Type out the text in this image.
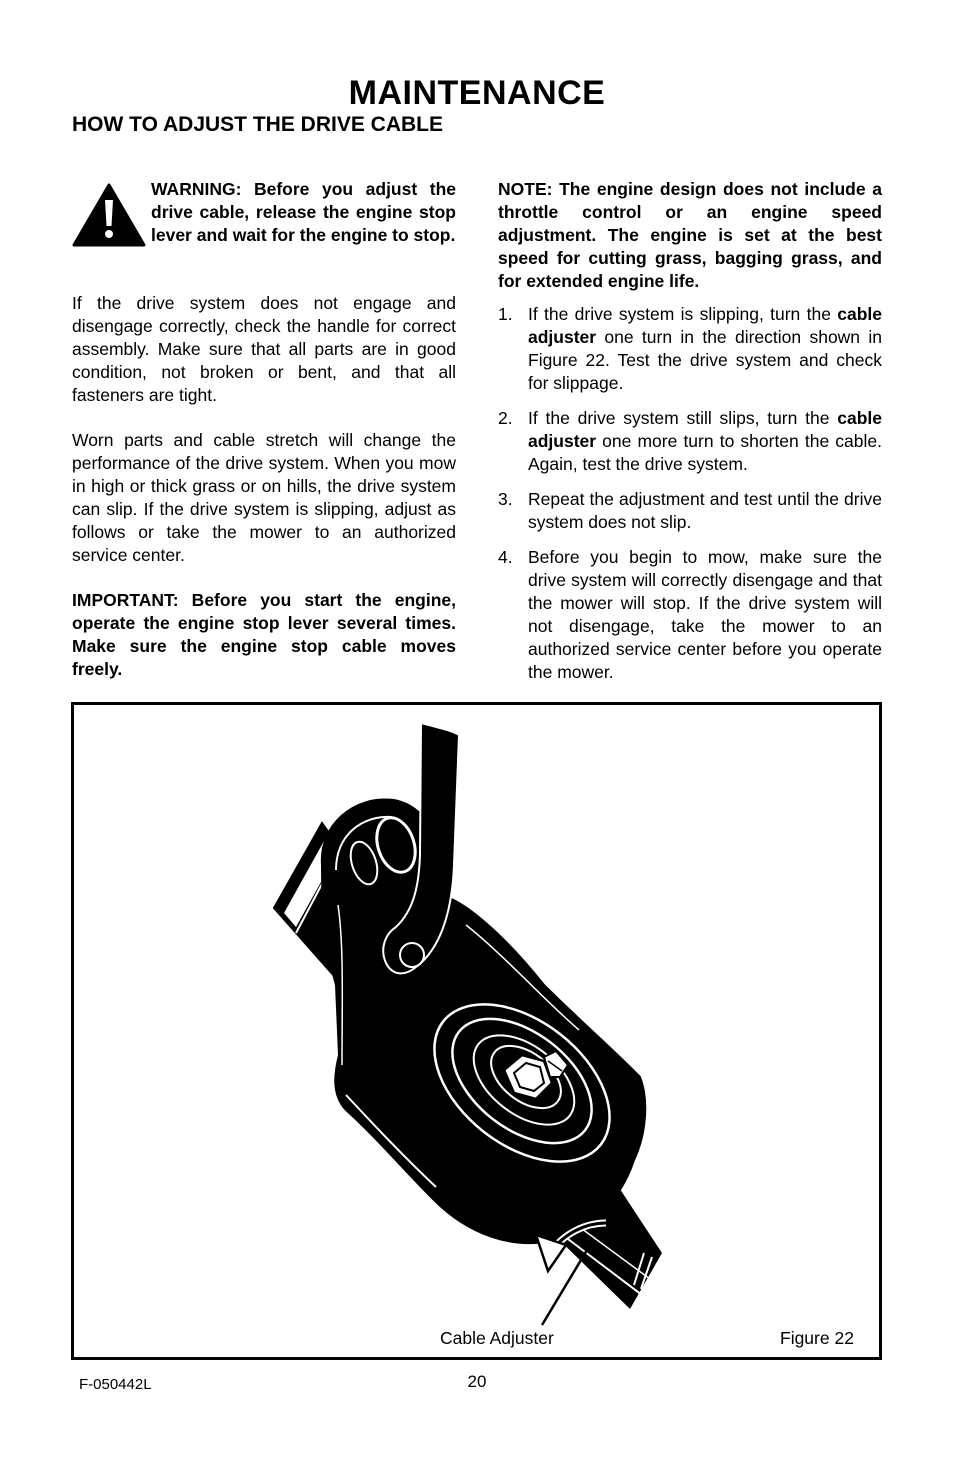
MAINTENANCE
HOW TO ADJUST THE DRIVE CABLE

WARNING: Before you adjust the drive cable, release the engine stop lever and wait for the engine to stop.

If the drive system does not engage and disengage correctly, check the handle for correct assembly. Make sure that all parts are in good condition, not broken or bent, and that all fasteners are tight.

Worn parts and cable stretch will change the performance of the drive system. When you mow in high or thick grass or on hills, the drive system can slip. If the drive system is slipping, adjust as follows or take the mower to an authorized service center.

IMPORTANT: Before you start the engine, operate the engine stop lever several times. Make sure the engine stop cable moves freely.

NOTE: The engine design does not include a throttle control or an engine speed adjustment. The engine is set at the best speed for cutting grass, bagging grass, and for extended engine life.

1. If the drive system is slipping, turn the cable adjuster one turn in the direction shown in Figure 22. Test the drive system and check for slippage.
2. If the drive system still slips, turn the cable adjuster one more turn to shorten the cable. Again, test the drive system.
3. Repeat the adjustment and test until the drive system does not slip.
4. Before you begin to mow, make sure the drive system will correctly disengage and that the mower will stop. If the drive system will not disengage, take the mower to an authorized service center before you operate the mower.
Cable Adjuster	Figure 22
F-050442L	20
